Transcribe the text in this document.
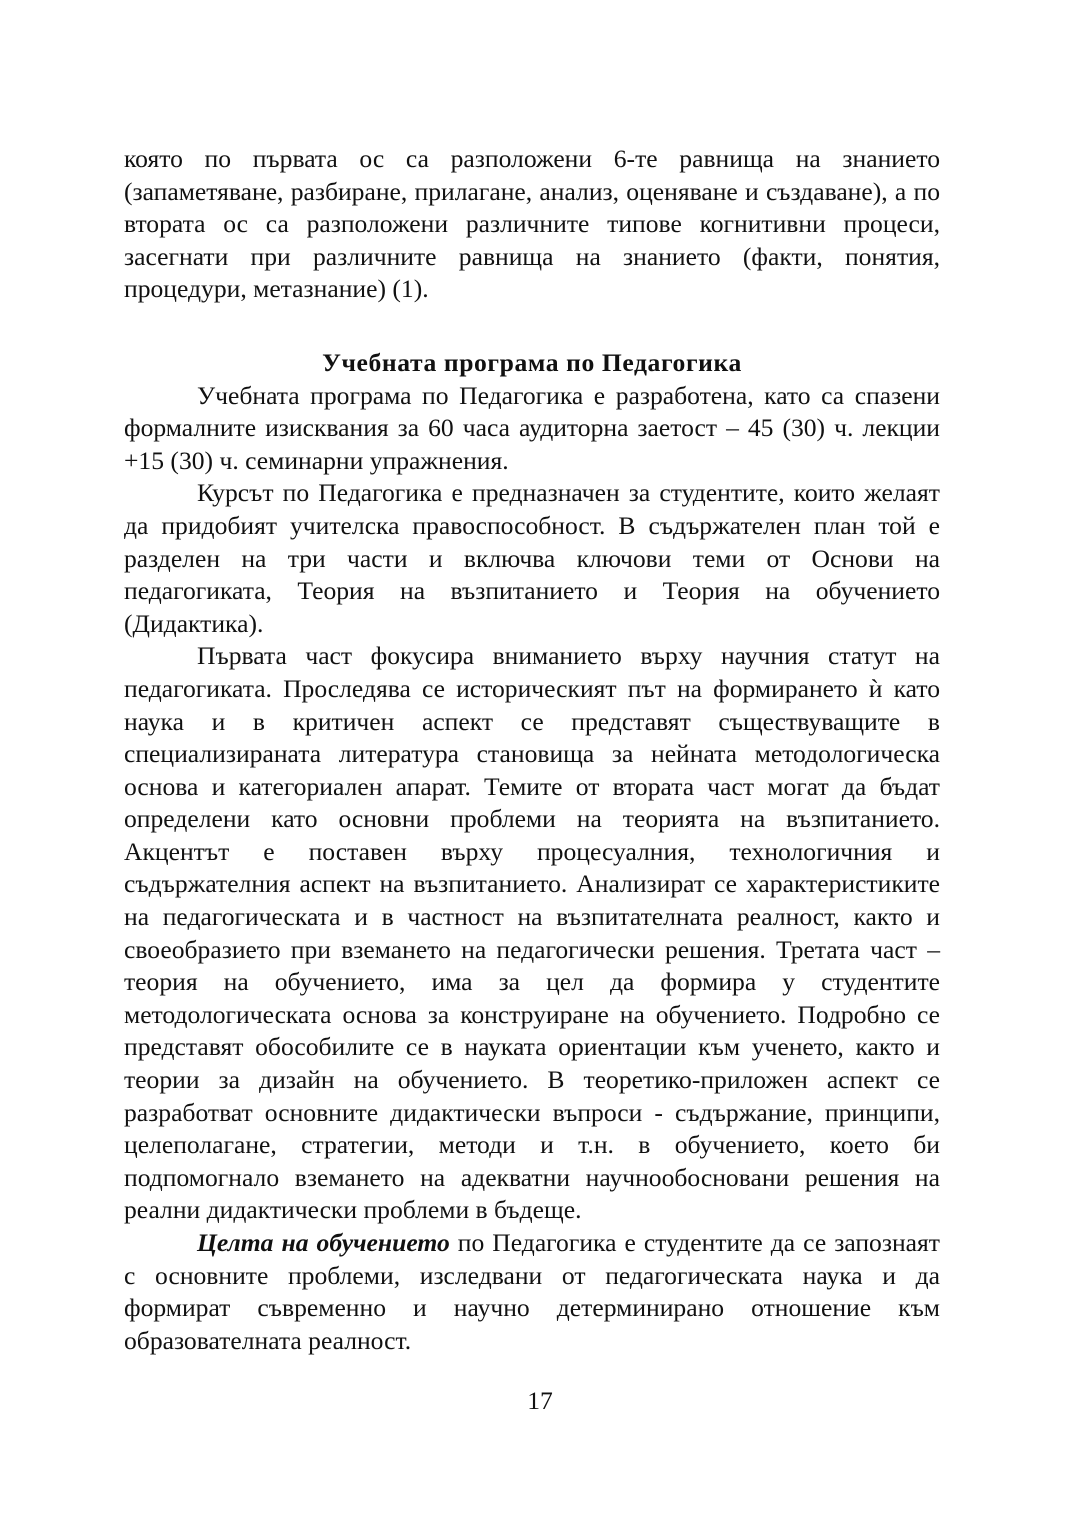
която по първата ос са разположени 6-те равнища на знанието (запаметяване, разбиране, прилагане, анализ, оценяване и създаване), а по втората ос са разположени различните типове когнитивни процеси, засегнати при различните равнища на знанието (факти, понятия, процедури, метазнание) (1).

Учебната програма по Педагогика

Учебната програма по Педагогика е разработена, като са спазени формалните изисквания за 60 часа аудиторна заетост – 45 (30) ч. лекции +15 (30) ч. семинарни упражнения.

Курсът по Педагогика е предназначен за студентите, които желаят да придобият учителска правоспособност. В съдържателен план той е разделен на три части и включва ключови теми от Основи на педагогиката, Теория на възпитанието и Теория на обучението (Дидактика).

Първата част фокусира вниманието върху научния статут на педагогиката. Проследява се историческият път на формирането ѝ като наука и в критичен аспект се представят съществуващите в специализираната литература становища за нейната методологическа основа и категориален апарат. Темите от втората част могат да бъдат определени като основни проблеми на теорията на възпитанието. Акцентът е поставен върху процесуалния, технологичния и съдържателния аспект на възпитанието. Анализират се характеристиките на педагогическата и в частност на възпитателната реалност, както и своеобразието при вземането на педагогически решения. Третата част – теория на обучението, има за цел да формира у студентите методологическата основа за конструиране на обучението. Подробно се представят обособилите се в науката ориентации към ученето, както и теории за дизайн на обучението. В теоретико-приложен аспект се разработват основните дидактически въпроси - съдържание, принципи, целеполагане, стратегии, методи и т.н. в обучението, което би подпомогнало вземането на адекватни научнообосновани решения на реални дидактически проблеми в бъдеще.

Целта на обучението по Педагогика е студентите да се запознаят с основните проблеми, изследвани от педагогическата наука и да формират съвременно и научно детерминирано отношение към образователната реалност.

17
